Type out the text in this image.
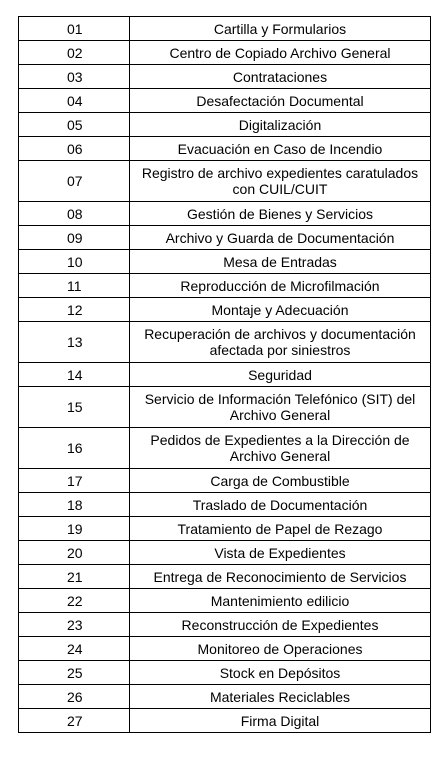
01	Cartilla y Formularios
02	Centro de Copiado Archivo General
03	Contrataciones
04	Desafectación Documental
05	Digitalización
06	Evacuación en Caso de Incendio
07	Registro de archivo expedientes caratulados con CUIL/CUIT
08	Gestión de Bienes y Servicios
09	Archivo y Guarda de Documentación
10	Mesa de Entradas
11	Reproducción de Microfilmación
12	Montaje y Adecuación
13	Recuperación de archivos y documentación afectada por siniestros
14	Seguridad
15	Servicio de Información Telefónico (SIT) del Archivo General
16	Pedidos de Expedientes a la Dirección de Archivo General
17	Carga de Combustible
18	Traslado de Documentación
19	Tratamiento de Papel de Rezago
20	Vista de Expedientes
21	Entrega de Reconocimiento de Servicios
22	Mantenimiento edilicio
23	Reconstrucción de Expedientes
24	Monitoreo de Operaciones
25	Stock en Depósitos
26	Materiales Reciclables
27	Firma Digital
